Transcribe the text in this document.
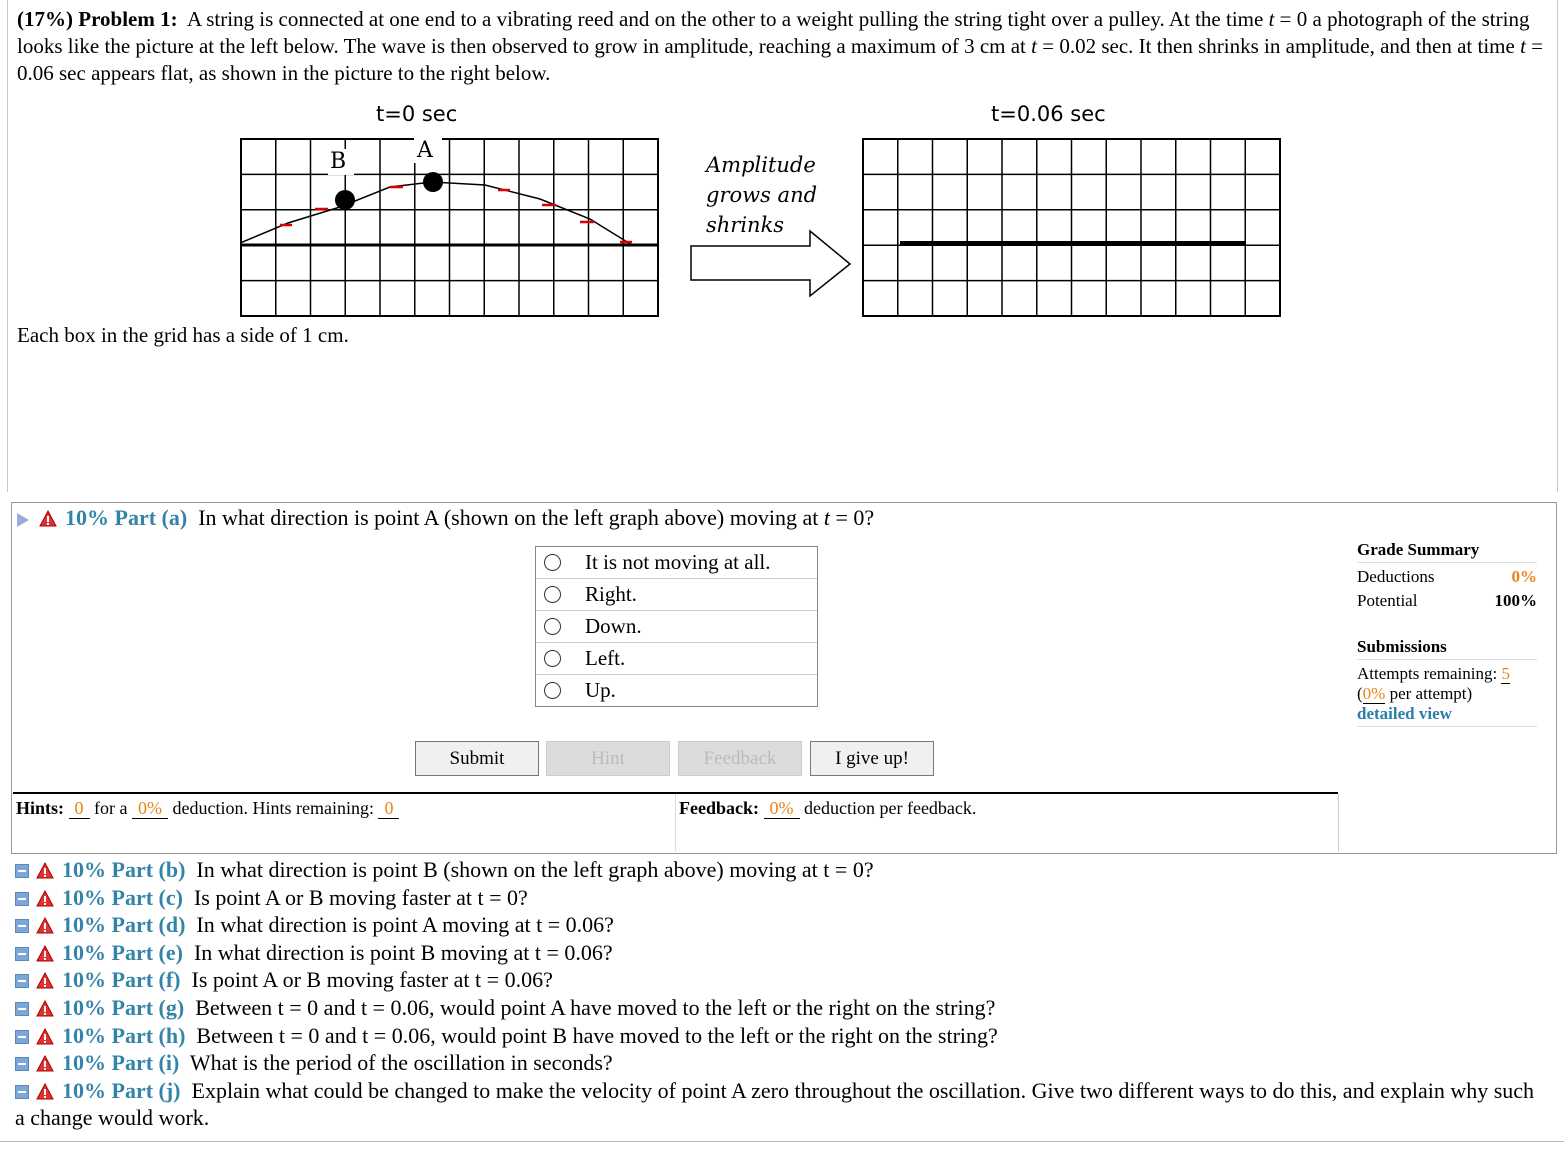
(17%) Problem 1: A string is connected at one end to a vibrating reed and on the other to a weight pulling the string tight over a pulley. At the time t = 0 a photograph of the string looks like the picture at the left below. The wave is then observed to grow in amplitude, reaching a maximum of 3 cm at t = 0.02 sec. It then shrinks in amplitude, and then at time t = 0.06 sec appears flat, as shown in the picture to the right below.
t=0 sec	t=0.06 sec
B	A
Amplitude
grows and
shrinks
Each box in the grid has a side of 1 cm.
10% Part (a) In what direction is point A (shown on the left graph above) moving at t = 0?
It is not moving at all.
Right.
Down.
Left.
Up.
Grade Summary
Deductions	0%
Potential	100%
Submissions
Attempts remaining: 5
(0% per attempt)
detailed view
Submit	Hint	Feedback	I give up!
Hints: 0 for a 0% deduction. Hints remaining: 0	Feedback: 0% deduction per feedback.
10% Part (b) In what direction is point B (shown on the left graph above) moving at t = 0?
10% Part (c) Is point A or B moving faster at t = 0?
10% Part (d) In what direction is point A moving at t = 0.06?
10% Part (e) In what direction is point B moving at t = 0.06?
10% Part (f) Is point A or B moving faster at t = 0.06?
10% Part (g) Between t = 0 and t = 0.06, would point A have moved to the left or the right on the string?
10% Part (h) Between t = 0 and t = 0.06, would point B have moved to the left or the right on the string?
10% Part (i) What is the period of the oscillation in seconds?
10% Part (j) Explain what could be changed to make the velocity of point A zero throughout the oscillation. Give two different ways to do this, and explain why such a change would work.
